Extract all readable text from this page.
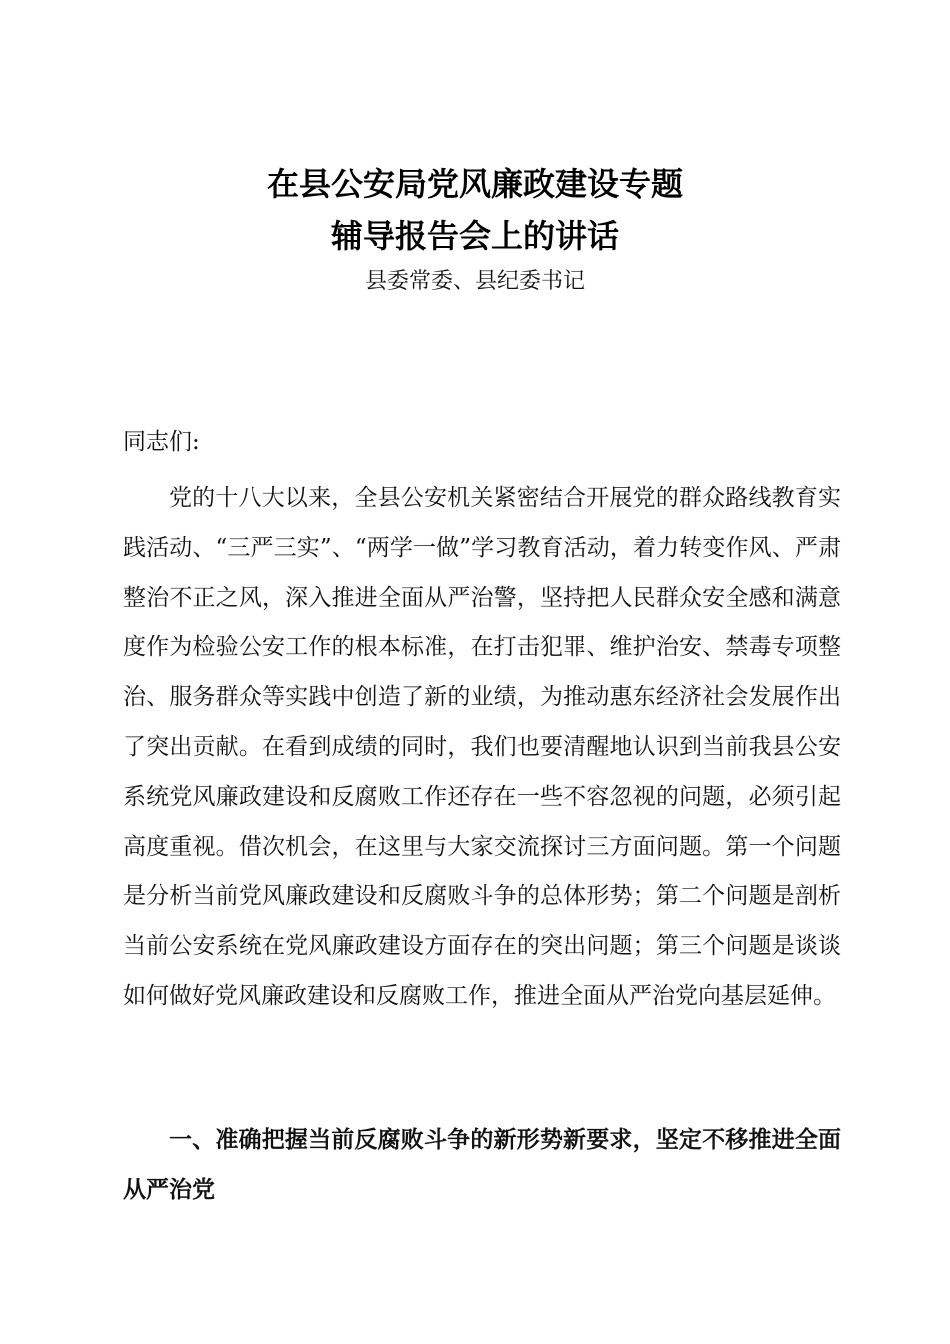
在县公安局党风廉政建设专题
辅导报告会上的讲话

县委常委、县纪委书记

同志们:

党的十八大以来，全县公安机关紧密结合开展党的群众路线教育实践活动、“三严三实”、“两学一做”学习教育活动，着力转变作风、严肃整治不正之风，深入推进全面从严治警，坚持把人民群众安全感和满意度作为检验公安工作的根本标准，在打击犯罪、维护治安、禁毒专项整治、服务群众等实践中创造了新的业绩，为推动惠东经济社会发展作出了突出贡献。在看到成绩的同时，我们也要清醒地认识到当前我县公安系统党风廉政建设和反腐败工作还存在一些不容忽视的问题，必须引起高度重视。借次机会，在这里与大家交流探讨三方面问题。第一个问题是分析当前党风廉政建设和反腐败斗争的总体形势；第二个问题是剖析当前公安系统在党风廉政建设方面存在的突出问题；第三个问题是谈谈如何做好党风廉政建设和反腐败工作，推进全面从严治党向基层延伸。

一、准确把握当前反腐败斗争的新形势新要求，坚定不移推进全面从严治党
